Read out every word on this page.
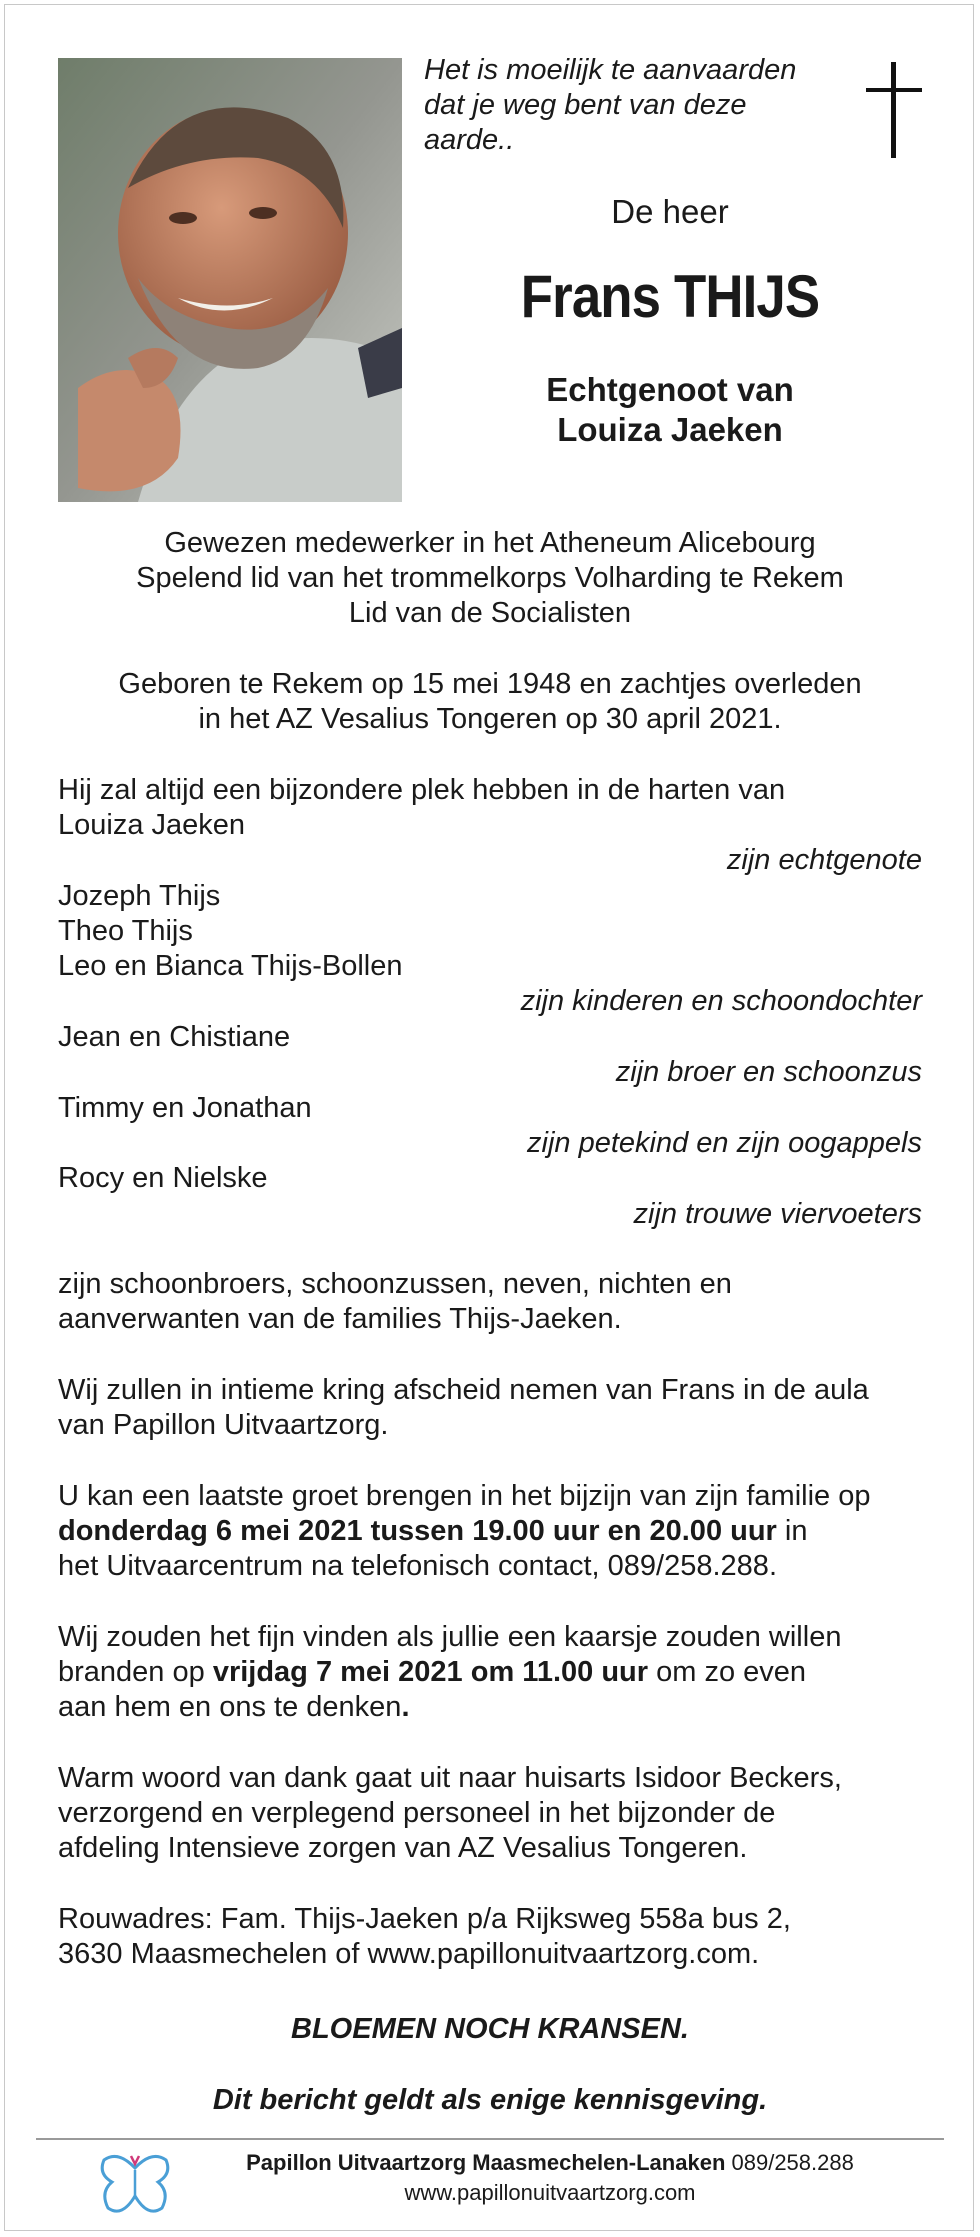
Het is moeilijk te aanvaarden
dat je weg bent van deze
aarde..
De heer
Frans THIJS
Echtgenoot van
Louiza Jaeken
Gewezen medewerker in het Atheneum Alicebourg
Spelend lid van het trommelkorps Volharding te Rekem
Lid van de Socialisten
Geboren te Rekem op 15 mei 1948 en zachtjes overleden
in het AZ Vesalius Tongeren op 30 april 2021.
Hij zal altijd een bijzondere plek hebben in de harten van
Louiza Jaeken
zijn echtgenote
Jozeph Thijs
Theo Thijs
Leo en Bianca Thijs-Bollen
zijn kinderen en schoondochter
Jean en Chistiane
zijn broer en schoonzus
Timmy en Jonathan
zijn petekind en zijn oogappels
Rocy en Nielske
zijn trouwe viervoeters
zijn schoonbroers, schoonzussen, neven, nichten en
aanverwanten van de families Thijs-Jaeken.
Wij zullen in intieme kring afscheid nemen van Frans in de aula
van Papillon Uitvaartzorg.
U kan een laatste groet brengen in het bijzijn van zijn familie op
donderdag 6 mei 2021 tussen 19.00 uur en 20.00 uur in
het Uitvaarcentrum na telefonisch contact, 089/258.288.
Wij zouden het fijn vinden als jullie een kaarsje zouden willen
branden op vrijdag 7 mei 2021 om 11.00 uur om zo even
aan hem en ons te denken.
Warm woord van dank gaat uit naar huisarts Isidoor Beckers,
verzorgend en verplegend personeel in het bijzonder de
afdeling Intensieve zorgen van AZ Vesalius Tongeren.
Rouwadres: Fam. Thijs-Jaeken p/a Rijksweg 558a bus 2,
3630 Maasmechelen of www.papillonuitvaartzorg.com.
BLOEMEN NOCH KRANSEN.
Dit bericht geldt als enige kennisgeving.
Papillon Uitvaartzorg Maasmechelen-Lanaken 089/258.288
www.papillonuitvaartzorg.com
